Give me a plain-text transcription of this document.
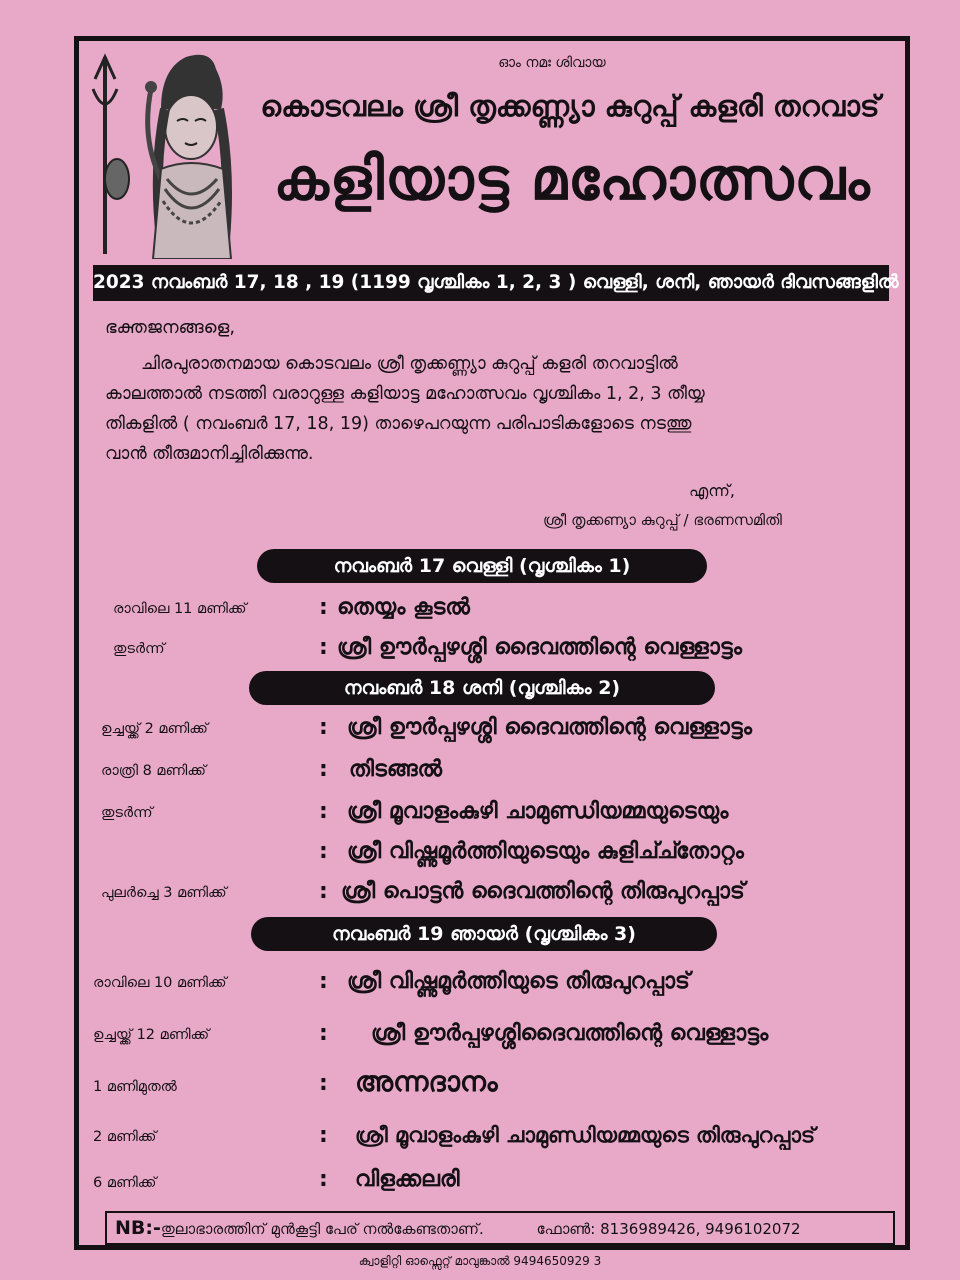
ഓം നമഃ ശിവായ
കൊടവലം ശ്രീ തൃക്കണ്ണ്യാ കുറുപ്പ് കളരി തറവാട്
കളിയാട്ട മഹോത്സവം
2023 നവംബർ 17, 18 , 19 (1199 വൃശ്ചികം 1, 2, 3 ) വെള്ളി, ശനി, ഞായർ ദിവസങ്ങളിൽ
ഭക്തജനങ്ങളെ,

ചിരപുരാതനമായ കൊടവലം ശ്രീ തൃക്കണ്ണ്യാ കുറുപ്പ് കളരി തറവാട്ടിൽ

കാലത്താൽ നടത്തി വരാറുള്ള കളിയാട്ട മഹോത്സവം വൃശ്ചികം 1, 2, 3 തീയ്യ

തികളിൽ ( നവംബർ 17, 18, 19) താഴെപറയുന്ന പരിപാടികളോടെ നടത്തു

വാൻ തീരുമാനിച്ചിരിക്കുന്നു.

എന്ന്,
ശ്രീ തൃക്കണ്യാ കുറുപ്പ് / ഭരണസമിതി
നവംബർ 17 വെള്ളി (വൃശ്ചികം 1)
രാവിലെ 11 മണിക്ക്	: തെയ്യം കൂടൽ
തുടർന്ന്	: ശ്രീ ഊർപ്പഴശ്ശി ദൈവത്തിന്റെ വെള്ളാട്ടം
നവംബർ 18 ശനി (വൃശ്ചികം 2)
ഉച്ചയ്ക്ക് 2 മണിക്ക്	: ശ്രീ ഊർപ്പഴശ്ശി ദൈവത്തിന്റെ വെള്ളാട്ടം
രാത്രി 8 മണിക്ക്	: തിടങ്ങൽ
തുടർന്ന്	: ശ്രീ മൂവാളംകുഴി ചാമുണ്ഡിയമ്മയുടെയും
: ശ്രീ വിഷ്ണുമൂർത്തിയുടെയും കുളിച്ച്തോറ്റം
പുലർച്ചെ 3 മണിക്ക്	: ശ്രീ പൊട്ടൻ ദൈവത്തിന്റെ തിരുപുറപ്പാട്
നവംബർ 19 ഞായർ (വൃശ്ചികം 3)
രാവിലെ 10 മണിക്ക്	: ശ്രീ വിഷ്ണുമൂർത്തിയുടെ തിരുപുറപ്പാട്
ഉച്ചയ്ക്ക് 12 മണിക്ക്	: ശ്രീ ഊർപ്പഴശ്ശിദൈവത്തിന്റെ വെള്ളാട്ടം
1 മണിമുതൽ	: അന്നദാനം
2 മണിക്ക്	: ശ്രീ മൂവാളംകുഴി ചാമുണ്ഡിയമ്മയുടെ തിരുപുറപ്പാട്
6 മണിക്ക്	: വിളക്കലരി
NB:-തുലാഭാരത്തിന് മുൻകൂട്ടി പേര് നൽകേണ്ടതാണ്.	ഫോൺ: 8136989426, 9496102072
ക്വാളിറ്റി ഓഫ്സെറ്റ് മാവുങ്കാൽ 9494650929 3
